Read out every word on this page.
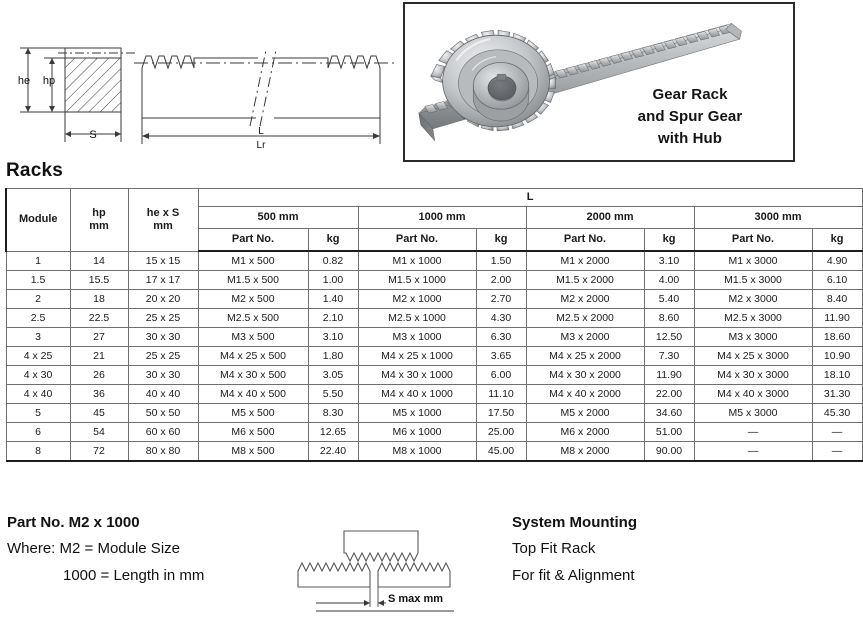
he hp
S	L
Lr
Gear Rack
and Spur Gear
with Hub
Racks
Module	
hp
mm

he x S
mm
	L
			500 mm		1000 mm		2000 mm		3000 mm	
			Part No.	kg	Part No.	kg	Part No.	kg	Part No.	kg
1	14	15 x 15	M1 x 500	0.82	M1 x 1000	1.50	M1 x 2000	3.10	M1 x 3000	4.90
1.5	15.5	17 x 17	M1.5 x 500	1.00	M1.5 x 1000	2.00	M1.5 x 2000	4.00	M1.5 x 3000	6.10
2	18	20 x 20	M2 x 500	1.40	M2 x 1000	2.70	M2 x 2000	5.40	M2 x 3000	8.40
2.5	22.5	25 x 25	M2.5 x 500	2.10	M2.5 x 1000	4.30	M2.5 x 2000	8.60	M2.5 x 3000	11.90
3	27	30 x 30	M3 x 500	3.10	M3 x 1000	6.30	M3 x 2000	12.50	M3 x 3000	18.60
4 x 25	21	25 x 25	M4 x 25 x 500	1.80	M4 x 25 x 1000	3.65	M4 x 25 x 2000	7.30	M4 x 25 x 3000	10.90
4 x 30	26	30 x 30	M4 x 30 x 500	3.05	M4 x 30 x 1000	6.00	M4 x 30 x 2000	11.90	M4 x 30 x 3000	18.10
4 x 40	36	40 x 40	M4 x 40 x 500	5.50	M4 x 40 x 1000	11.10	M4 x 40 x 2000	22.00	M4 x 40 x 3000	31.30
5	45	50 x 50	M5 x 500	8.30	M5 x 1000	17.50	M5 x 2000	34.60	M5 x 3000	45.30
6	54	60 x 60	M6 x 500	12.65	M6 x 1000	25.00	M6 x 2000	51.00	—	—
8	72	80 x 80	M8 x 500	22.40	M8 x 1000	45.00	M8 x 2000	90.00	—	—
Part No. M2 x 1000
Where: M2 = Module Size
1000 = Length in mm
S max mm
System Mounting
Top Fit Rack
For fit & Alignment
